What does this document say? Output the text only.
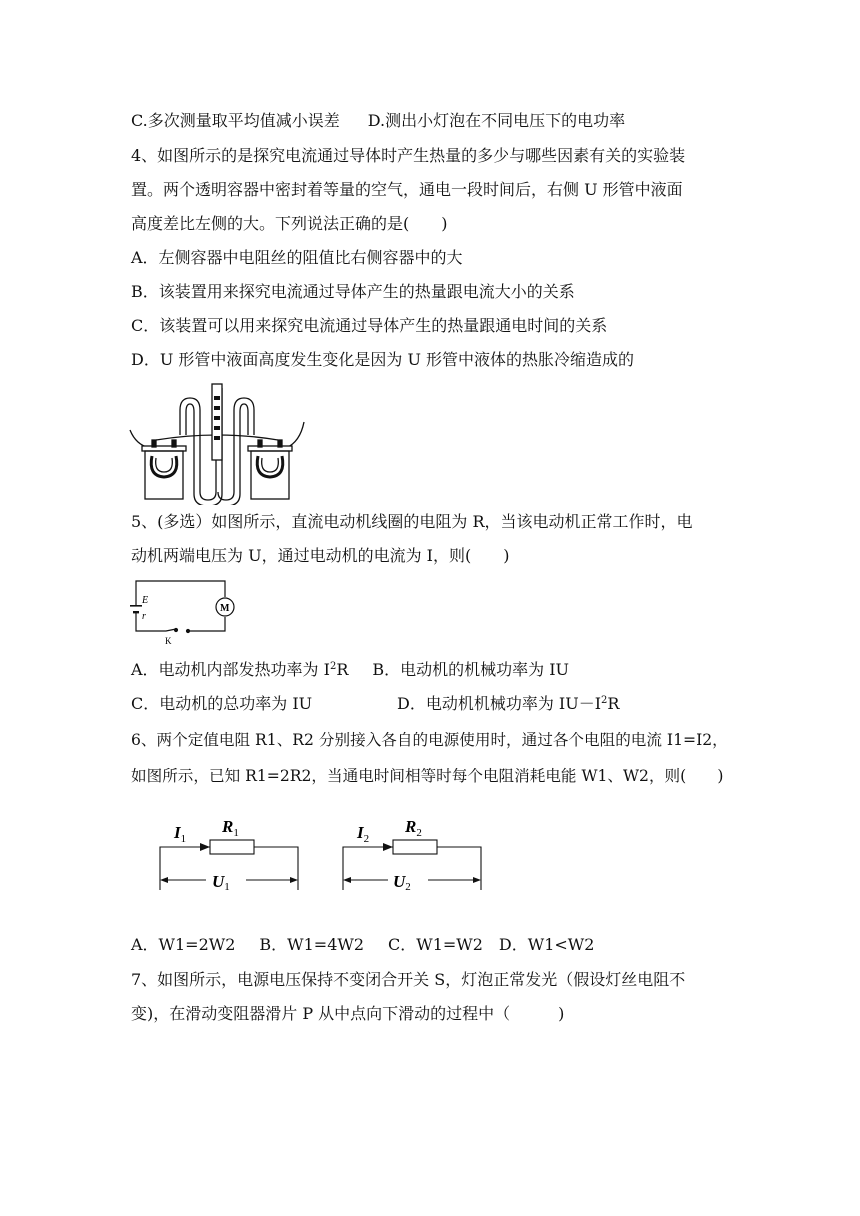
C.多次测量取平均值减小误差 D.测出小灯泡在不同电压下的电功率
4、如图所示的是探究电流通过导体时产生热量的多少与哪些因素有关的实验装
置。两个透明容器中密封着等量的空气，通电一段时间后，右侧 U 形管中液面
高度差比左侧的大。下列说法正确的是(　　)
A．左侧容器中电阻丝的阻值比右侧容器中的大
B．该装置用来探究电流通过导体产生的热量跟电流大小的关系
C．该装置可以用来探究电流通过导体产生的热量跟通电时间的关系
D．U 形管中液面高度发生变化是因为 U 形管中液体的热胀冷缩造成的
5、(多选）如图所示，直流电动机线圈的电阻为 R，当该电动机正常工作时，电
动机两端电压为 U，通过电动机的电流为 I，则(　　)
E
r
K
M
A．电动机内部发热功率为 $I^2R$ B．电动机的机械功率为 IU
C．电动机的总功率为 IU	D．电动机机械功率为 $IU-I^2R$
6、两个定值电阻 R1、R2 分别接入各自的电源使用时，通过各个电阻的电流 I1=I2，
如图所示，已知 R1=2R2，当通电时间相等时每个电阻消耗电能 W1、W2，则(　　)
$I_1$
$R_1$
U1
$I_2$
$R_2$
U2
A．W1=2W2 B．W1=4W2 C．W1=W2 D．W1<W2
7、如图所示，电源电压保持不变闭合开关 S，灯泡正常发光（假设灯丝电阻不
变)，在滑动变阻器滑片 P 从中点向下滑动的过程中（　　　)
